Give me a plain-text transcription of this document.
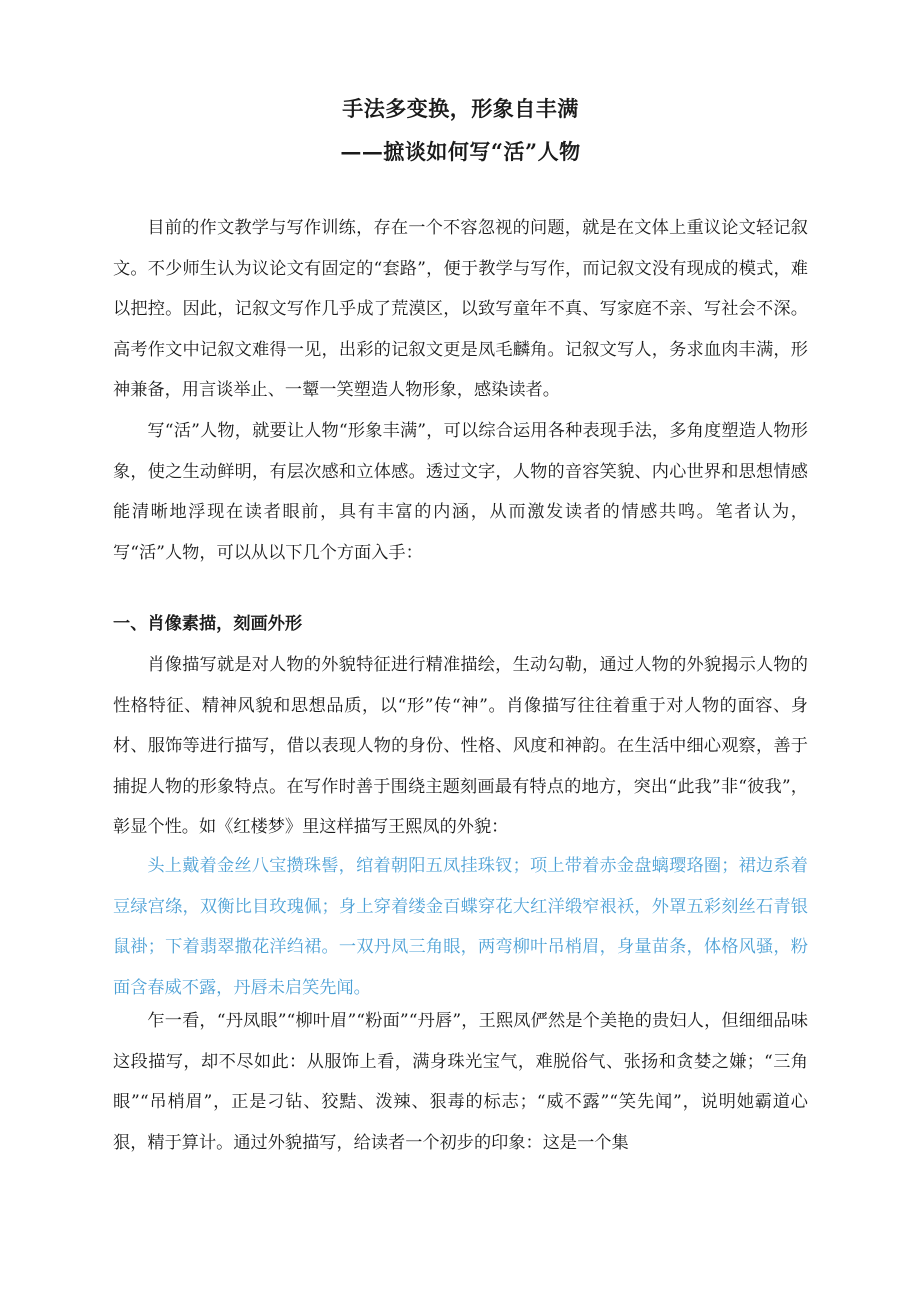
手法多变换，形象自丰满
——摭谈如何写“活”人物

目前的作文教学与写作训练，存在一个不容忽视的问题，就是在文体上重议论文轻记叙文。不少师生认为议论文有固定的“套路”，便于教学与写作，而记叙文没有现成的模式，难以把控。因此，记叙文写作几乎成了荒漠区，以致写童年不真、写家庭不亲、写社会不深。高考作文中记叙文难得一见，出彩的记叙文更是凤毛麟角。记叙文写人，务求血肉丰满，形神兼备，用言谈举止、一颦一笑塑造人物形象，感染读者。

写“活”人物，就要让人物“形象丰满”，可以综合运用各种表现手法，多角度塑造人物形象，使之生动鲜明，有层次感和立体感。透过文字，人物的音容笑貌、内心世界和思想情感能清晰地浮现在读者眼前，具有丰富的内涵，从而激发读者的情感共鸣。笔者认为，写“活”人物，可以从以下几个方面入手：

一、肖像素描，刻画外形

肖像描写就是对人物的外貌特征进行精准描绘，生动勾勒，通过人物的外貌揭示人物的性格特征、精神风貌和思想品质，以“形”传“神”。肖像描写往往着重于对人物的面容、身材、服饰等进行描写，借以表现人物的身份、性格、风度和神韵。在生活中细心观察，善于捕捉人物的形象特点。在写作时善于围绕主题刻画最有特点的地方，突出“此我”非“彼我”，彰显个性。如《红楼梦》里这样描写王熙凤的外貌：

头上戴着金丝八宝攒珠髻，绾着朝阳五凤挂珠钗；项上带着赤金盘螭璎珞圈；裙边系着豆绿宫绦，双衡比目玫瑰佩；身上穿着缕金百蝶穿花大红洋缎窄裉袄，外罩五彩刻丝石青银鼠褂；下着翡翠撒花洋绉裙。一双丹凤三角眼，两弯柳叶吊梢眉，身量苗条，体格风骚，粉面含春威不露，丹唇未启笑先闻。

乍一看，“丹凤眼”“柳叶眉”“粉面”“丹唇”，王熙凤俨然是个美艳的贵妇人，但细细品味这段描写，却不尽如此：从服饰上看，满身珠光宝气，难脱俗气、张扬和贪婪之嫌；“三角眼”“吊梢眉”，正是刁钻、狡黠、泼辣、狠毒的标志；“威不露”“笑先闻”，说明她霸道心狠，精于算计。通过外貌描写，给读者一个初步的印象：这是一个集
